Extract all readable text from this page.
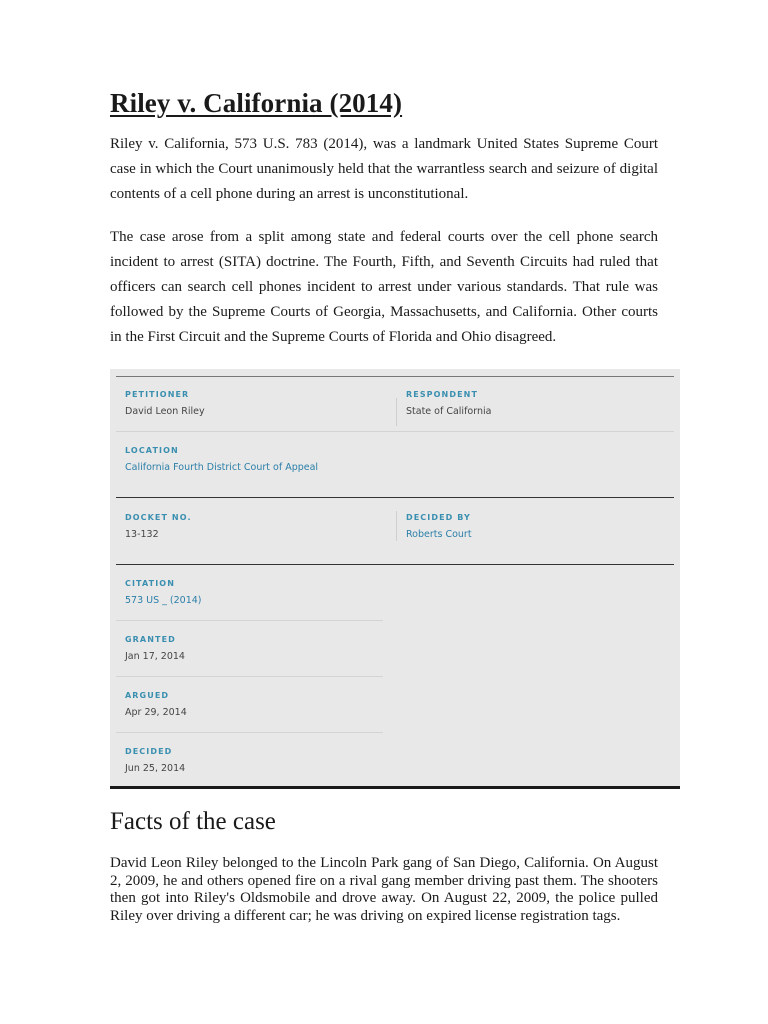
Riley v. California (2014)

Riley v. California, 573 U.S. 783 (2014), was a landmark United States Supreme Court case in which the Court unanimously held that the warrantless search and seizure of digital contents of a cell phone during an arrest is unconstitutional.

The case arose from a split among state and federal courts over the cell phone search incident to arrest (SITA) doctrine. The Fourth, Fifth, and Seventh Circuits had ruled that officers can search cell phones incident to arrest under various standards. That rule was followed by the Supreme Courts of Georgia, Massachusetts, and California. Other courts in the First Circuit and the Supreme Courts of Florida and Ohio disagreed.

PETITIONER
David Leon Riley
RESPONDENT
State of California
LOCATION
California Fourth District Court of Appeal
DOCKET NO.
13-132
DECIDED BY
Roberts Court
CITATION
573 US _ (2014)
GRANTED
Jan 17, 2014
ARGUED
Apr 29, 2014
DECIDED
Jun 25, 2014
Facts of the case

David Leon Riley belonged to the Lincoln Park gang of San Diego, California. On August 2, 2009, he and others opened fire on a rival gang member driving past them. The shooters then got into Riley's Oldsmobile and drove away. On August 22, 2009, the police pulled Riley over driving a different car; he was driving on expired license registration tags.
